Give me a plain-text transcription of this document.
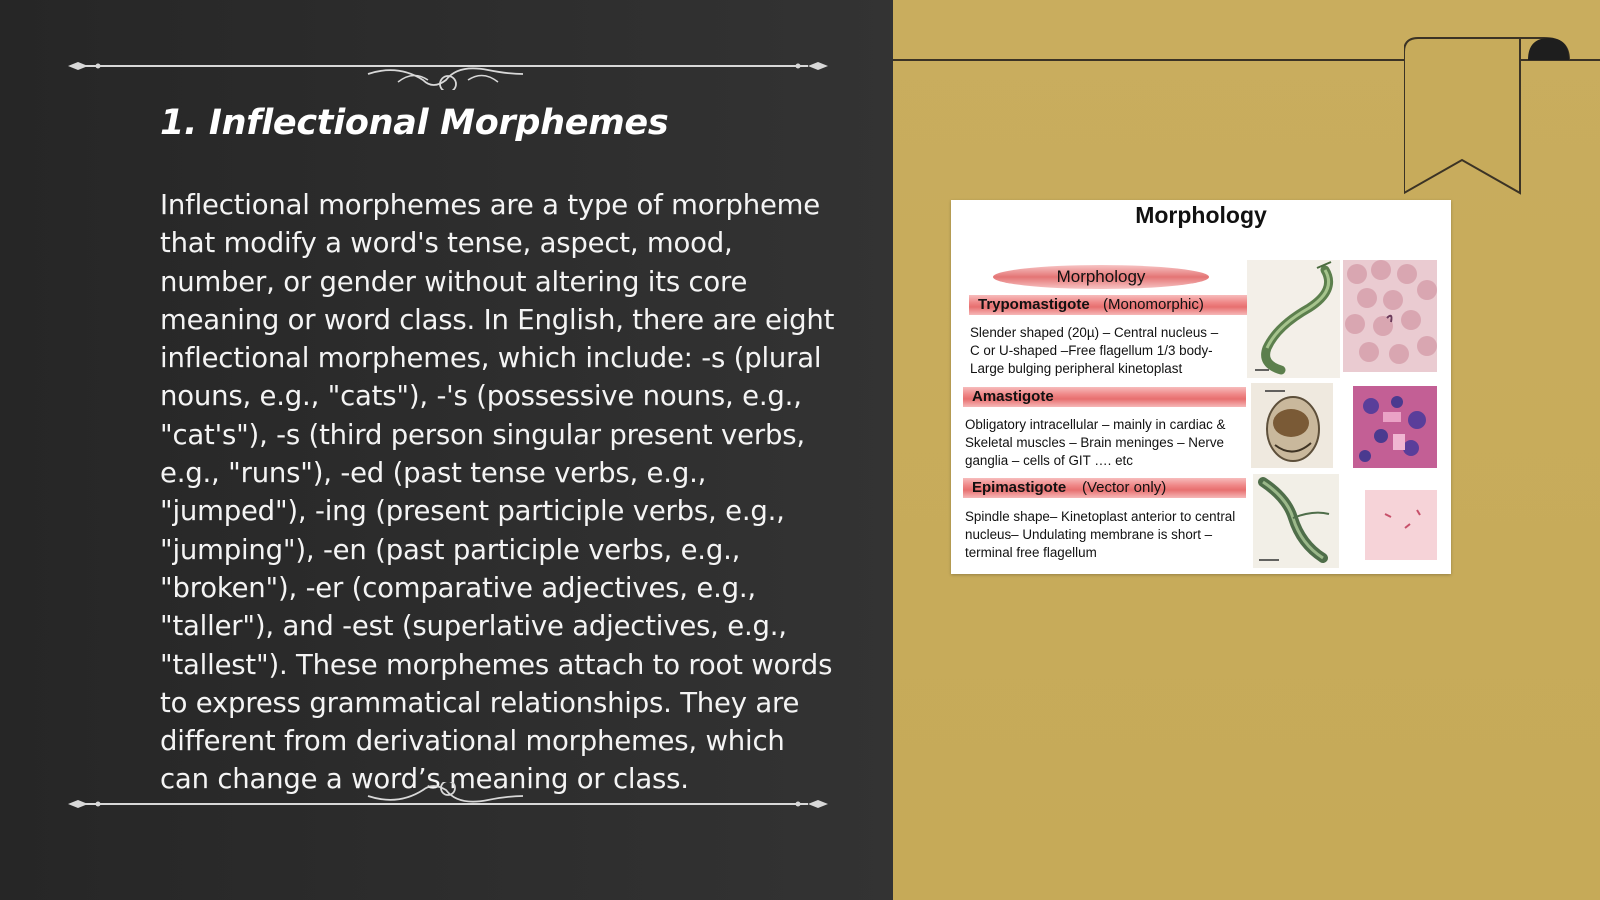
1. Inflectional Morphemes

Inflectional morphemes are a type of morpheme that modify a word's tense, aspect, mood, number, or gender without altering its core meaning or word class. In English, there are eight inflectional morphemes, which include: -s (plural nouns, e.g., "cats"), -'s (possessive nouns, e.g., "cat's"), -s (third person singular present verbs, e.g., "runs"), -ed (past tense verbs, e.g., "jumped"), -ing (present participle verbs, e.g., "jumping"), -en (past participle verbs, e.g., "broken"), -er (comparative adjectives, e.g., "taller"), and -est (superlative adjectives, e.g., "tallest"). These morphemes attach to root words to express grammatical relationships. They are different from derivational morphemes, which can change a word’s meaning or class.

Morphology
Morphology
Trypomastigote (Monomorphic)
Slender shaped (20µ) – Central nucleus –
C or U-shaped –Free flagellum 1/3 body-
Large bulging peripheral kinetoplast
Amastigote
Obligatory intracellular – mainly in cardiac &
Skeletal muscles – Brain meninges – Nerve
ganglia – cells of GIT …. etc
Epimastigote (Vector only)
Spindle shape– Kinetoplast anterior to central
nucleus– Undulating membrane is short –
terminal free flagellum
